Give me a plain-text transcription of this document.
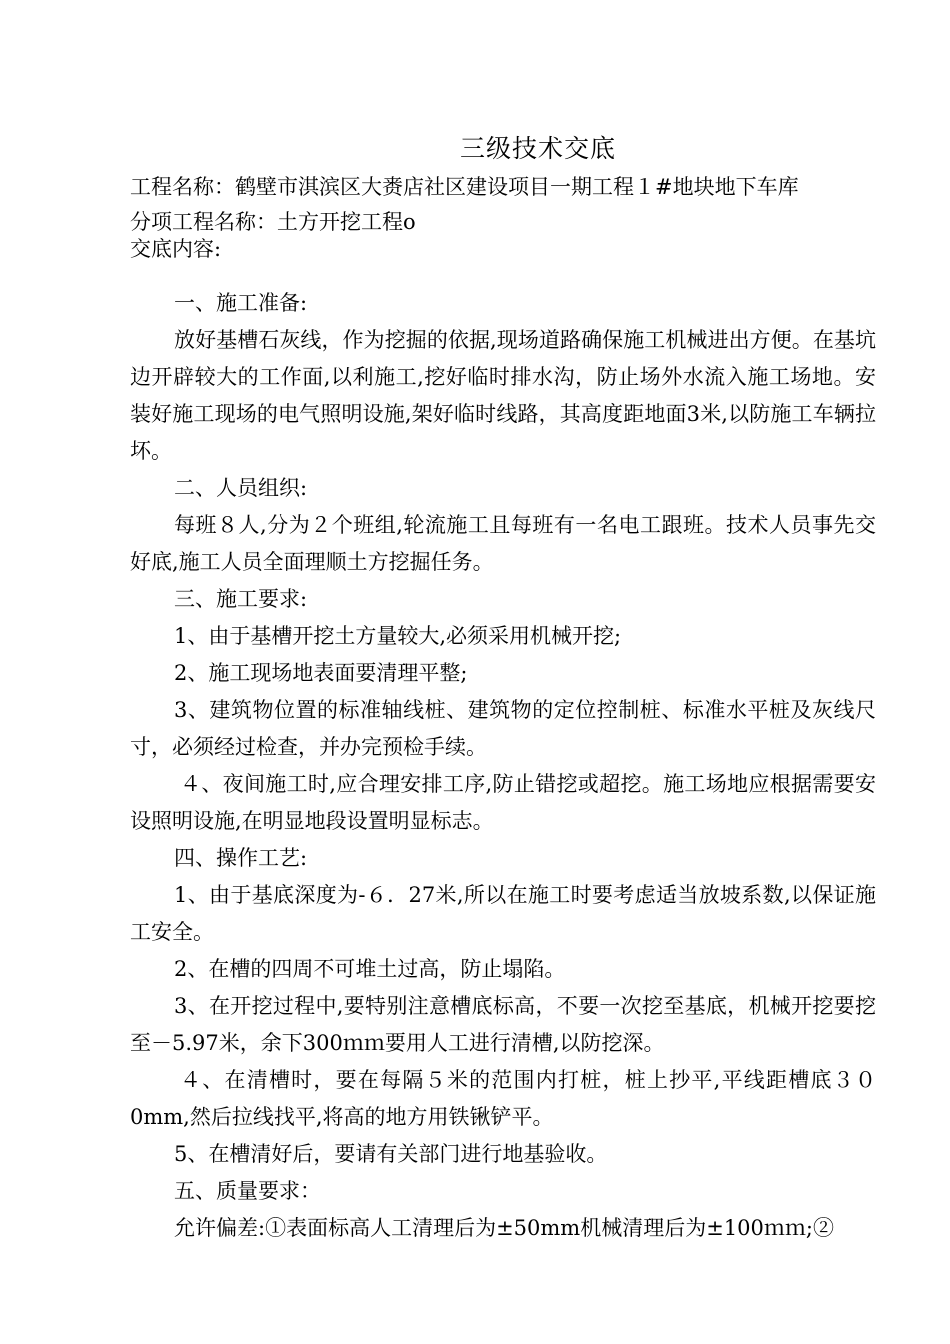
三级技术交底
工程名称：鹤壁市淇滨区大赉店社区建设项目一期工程１#地块地下车库
分项工程名称：土方开挖工程ο
交底内容:

一、施工准备:

放好基槽石灰线，作为挖掘的依据,现场道路确保施工机械进出方便。在基坑边开辟较大的工作面,以利施工,挖好临时排水沟，防止场外水流入施工场地。安装好施工现场的电气照明设施,架好临时线路，其高度距地面3米,以防施工车辆拉坏。

二、人员组织:

每班８人,分为２个班组,轮流施工且每班有一名电工跟班。技术人员事先交好底,施工人员全面理顺土方挖掘任务。

三、施工要求:

1、由于基槽开挖土方量较大,必须采用机械开挖;

2、施工现场地表面要清理平整;

3、建筑物位置的标准轴线桩、建筑物的定位控制桩、标准水平桩及灰线尺寸，必须经过检查，并办完预检手续。

４、夜间施工时,应合理安排工序,防止错挖或超挖。施工场地应根据需要安设照明设施,在明显地段设置明显标志。

四、操作工艺:

1、由于基底深度为-６．27米,所以在施工时要考虑适当放坡系数,以保证施工安全。

2、在槽的四周不可堆土过高，防止塌陷。

3、在开挖过程中,要特别注意槽底标高，不要一次挖至基底，机械开挖要挖至－5.97米，余下300ｍｍ要用人工进行清槽,以防挖深。

４、在清槽时，要在每隔５米的范围内打桩，桩上抄平,平线距槽底３０0mm,然后拉线找平,将高的地方用铁锹铲平。

5、在槽清好后，要请有关部门进行地基验收。

五、质量要求：

允许偏差:①表面标高人工清理后为±50mm机械清理后为±100ｍｍ;②
